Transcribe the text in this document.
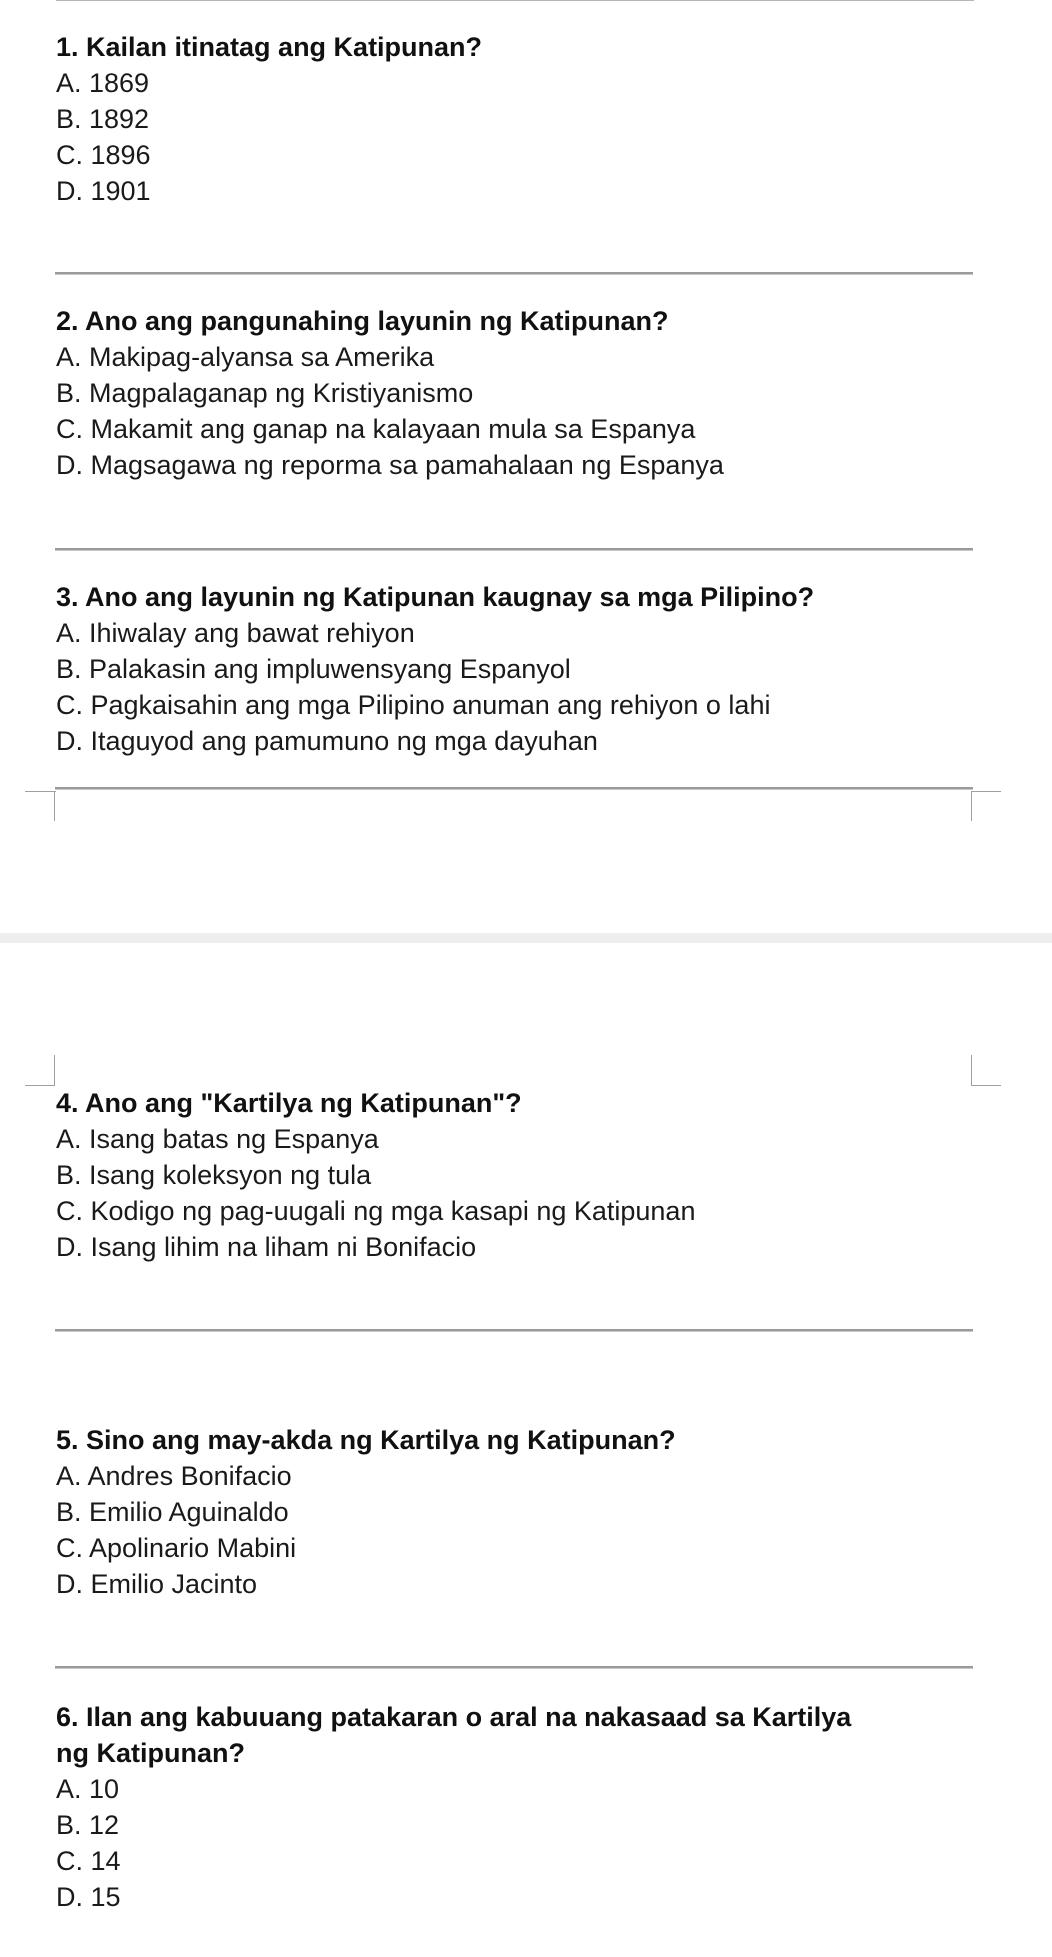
1. Kailan itinatag ang Katipunan?

A. 1869
B. 1892
C. 1896
D. 1901

2. Ano ang pangunahing layunin ng Katipunan?

A. Makipag-alyansa sa Amerika
B. Magpalaganap ng Kristiyanismo
C. Makamit ang ganap na kalayaan mula sa Espanya
D. Magsagawa ng reporma sa pamahalaan ng Espanya

3. Ano ang layunin ng Katipunan kaugnay sa mga Pilipino?

A. Ihiwalay ang bawat rehiyon
B. Palakasin ang impluwensyang Espanyol
C. Pagkaisahin ang mga Pilipino anuman ang rehiyon o lahi
D. Itaguyod ang pamumuno ng mga dayuhan

4. Ano ang "Kartilya ng Katipunan"?

A. Isang batas ng Espanya
B. Isang koleksyon ng tula
C. Kodigo ng pag-uugali ng mga kasapi ng Katipunan
D. Isang lihim na liham ni Bonifacio

5. Sino ang may-akda ng Kartilya ng Katipunan?

A. Andres Bonifacio
B. Emilio Aguinaldo
C. Apolinario Mabini
D. Emilio Jacinto

6. Ilan ang kabuuang patakaran o aral na nakasaad sa Kartilya ng Katipunan?

A. 10
B. 12
C. 14
D. 15
